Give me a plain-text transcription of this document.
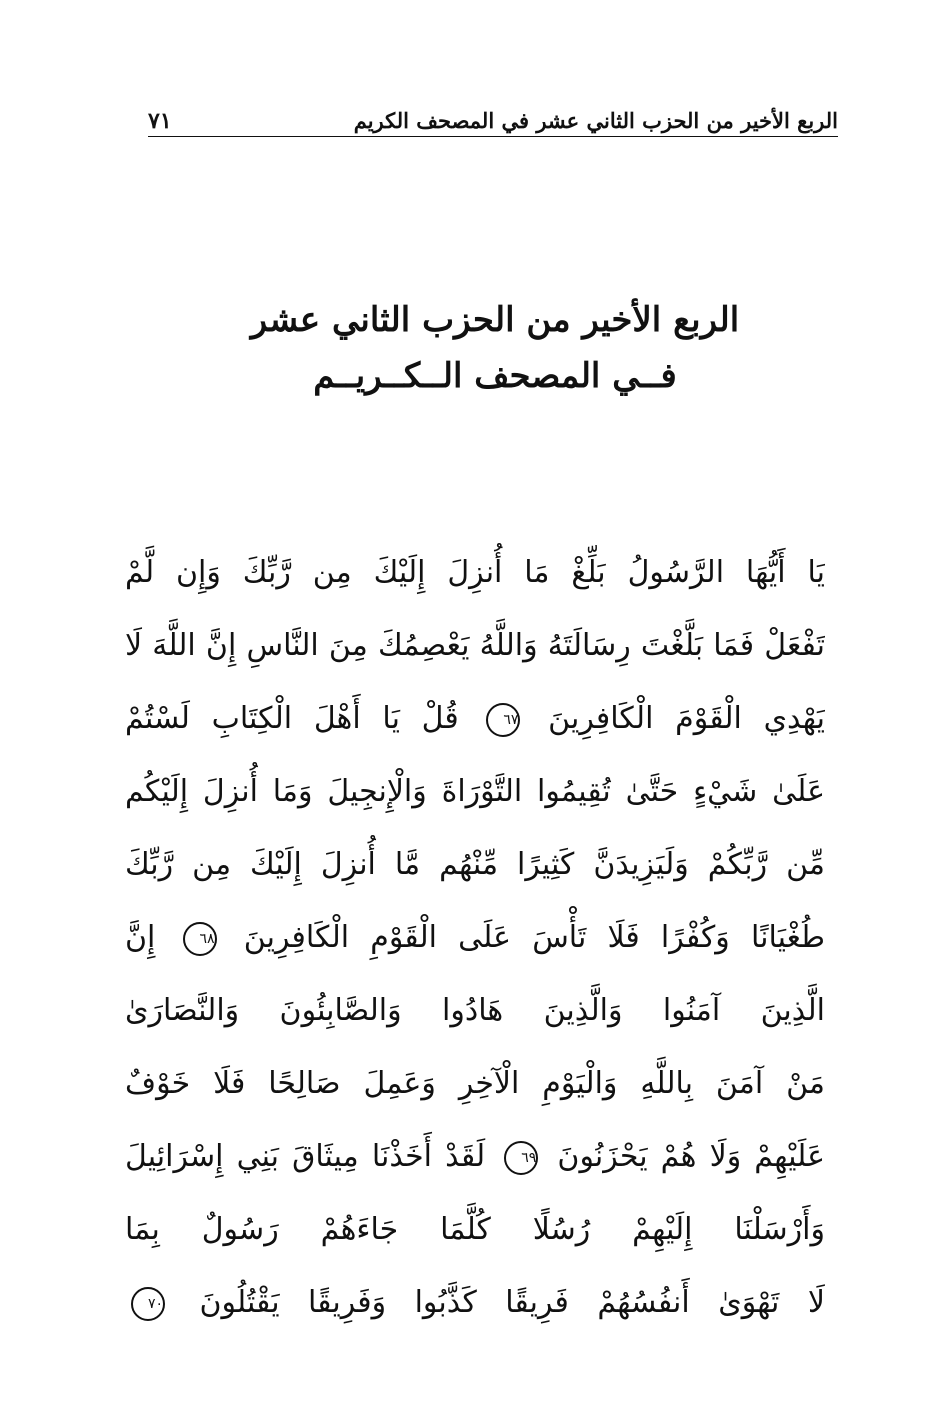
الربع الأخير من الحزب الثاني عشر في المصحف الكريم
٧١
الربع الأخير من الحزب الثاني عشر
فــي المصحف الــكــريــم
يَا أَيُّهَا الرَّسُولُ بَلِّغْ مَا أُنزِلَ إِلَيْكَ مِن رَّبِّكَ وَإِن لَّمْ
تَفْعَلْ فَمَا بَلَّغْتَ رِسَالَتَهُ وَاللَّهُ يَعْصِمُكَ مِنَ النَّاسِ إِنَّ اللَّهَ لَا
يَهْدِي الْقَوْمَ الْكَافِرِينَ ٦٧ قُلْ يَا أَهْلَ الْكِتَابِ لَسْتُمْ
عَلَىٰ شَيْءٍ حَتَّىٰ تُقِيمُوا التَّوْرَاةَ وَالْإِنجِيلَ وَمَا أُنزِلَ إِلَيْكُم
مِّن رَّبِّكُمْ وَلَيَزِيدَنَّ كَثِيرًا مِّنْهُم مَّا أُنزِلَ إِلَيْكَ مِن رَّبِّكَ
طُغْيَانًا وَكُفْرًا فَلَا تَأْسَ عَلَى الْقَوْمِ الْكَافِرِينَ ٦٨ إِنَّ
الَّذِينَ آمَنُوا وَالَّذِينَ هَادُوا وَالصَّابِئُونَ وَالنَّصَارَىٰ
مَنْ آمَنَ بِاللَّهِ وَالْيَوْمِ الْآخِرِ وَعَمِلَ صَالِحًا فَلَا خَوْفٌ
عَلَيْهِمْ وَلَا هُمْ يَحْزَنُونَ ٦٩ لَقَدْ أَخَذْنَا مِيثَاقَ بَنِي إِسْرَائِيلَ
وَأَرْسَلْنَا إِلَيْهِمْ رُسُلًا كُلَّمَا جَاءَهُمْ رَسُولٌ بِمَا
لَا تَهْوَىٰ أَنفُسُهُمْ فَرِيقًا كَذَّبُوا وَفَرِيقًا يَقْتُلُونَ ٧٠
